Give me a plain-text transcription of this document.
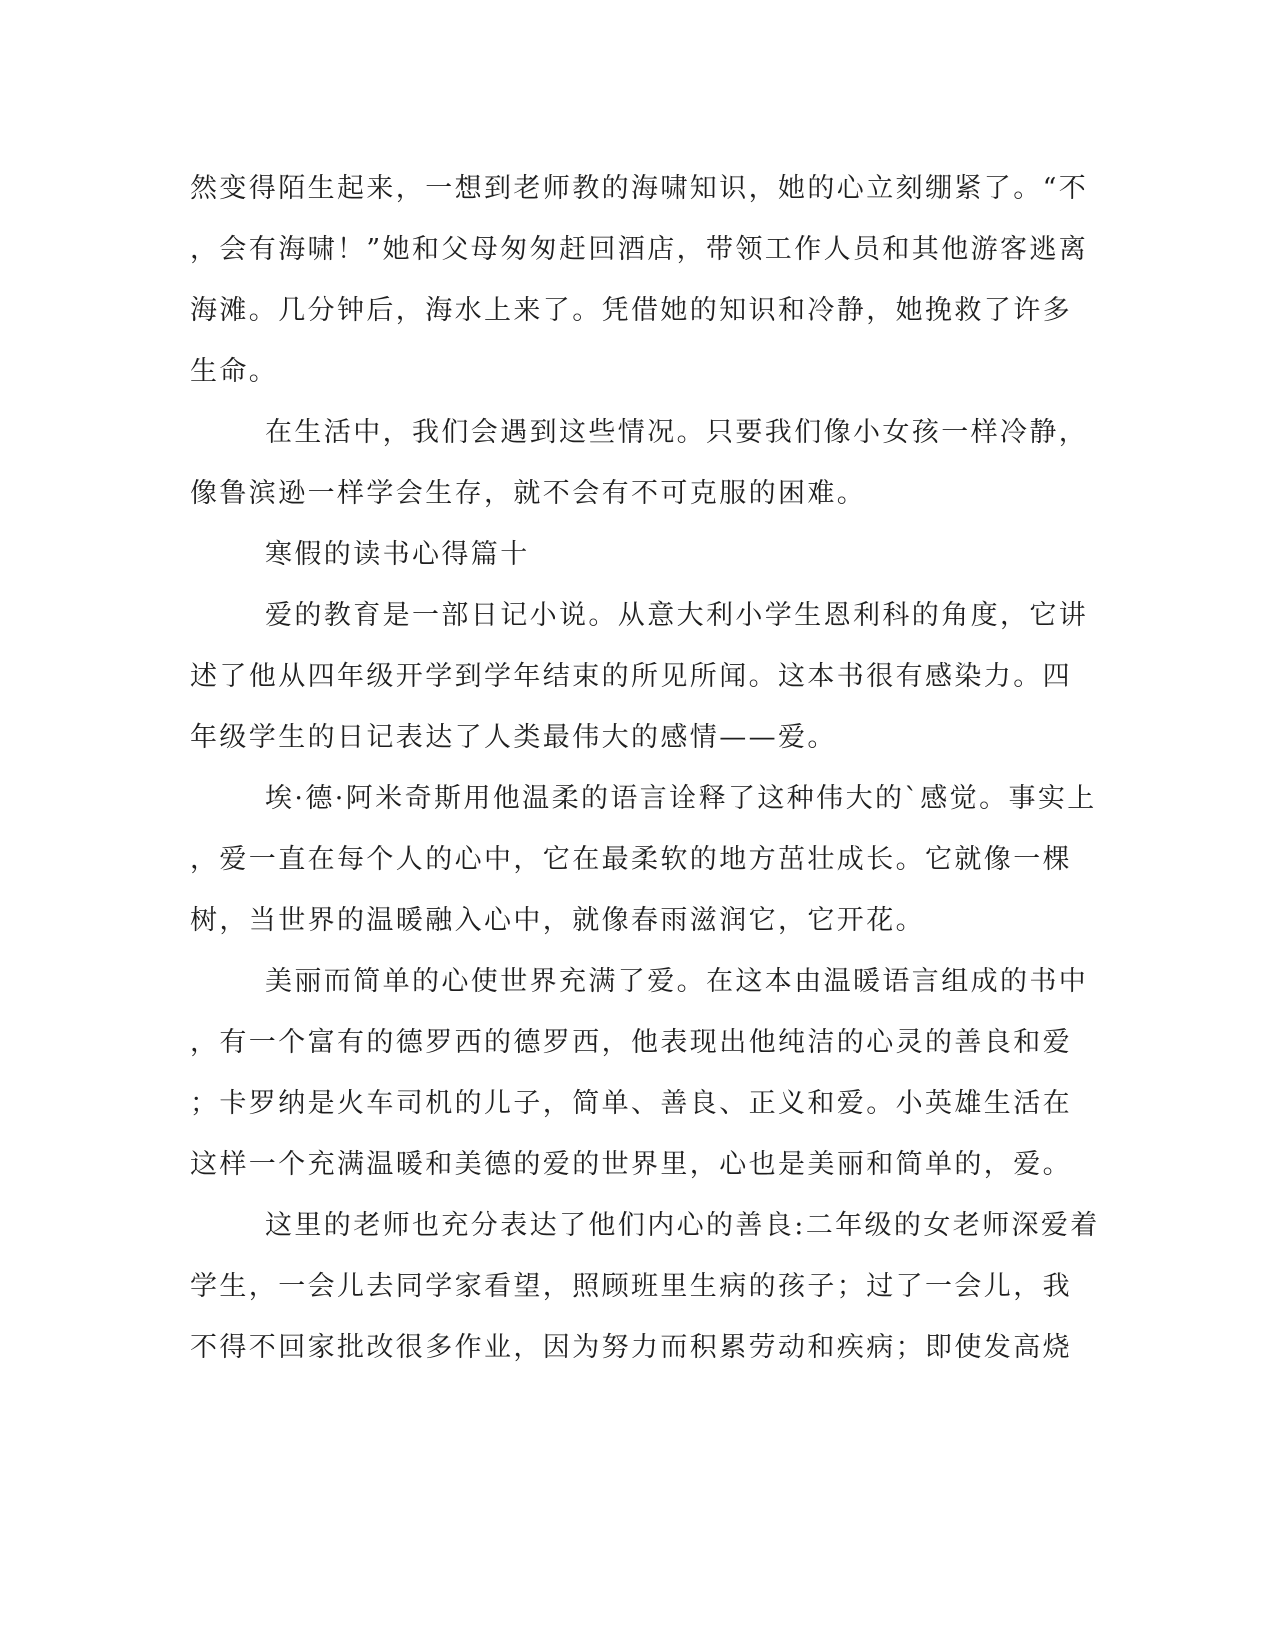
然变得陌生起来，一想到老师教的海啸知识，她的心立刻绷紧了。“不
，会有海啸！”她和父母匆匆赶回酒店，带领工作人员和其他游客逃离
海滩。几分钟后，海水上来了。凭借她的知识和冷静，她挽救了许多
生命。
在生活中，我们会遇到这些情况。只要我们像小女孩一样冷静，
像鲁滨逊一样学会生存，就不会有不可克服的困难。
寒假的读书心得篇十
爱的教育是一部日记小说。从意大利小学生恩利科的角度，它讲
述了他从四年级开学到学年结束的所见所闻。这本书很有感染力。四
年级学生的日记表达了人类最伟大的感情——爱。
埃·德·阿米奇斯用他温柔的语言诠释了这种伟大的`感觉。事实上
，爱一直在每个人的心中，它在最柔软的地方茁壮成长。它就像一棵
树，当世界的温暖融入心中，就像春雨滋润它，它开花。
美丽而简单的心使世界充满了爱。在这本由温暖语言组成的书中
，有一个富有的德罗西的德罗西，他表现出他纯洁的心灵的善良和爱
；卡罗纳是火车司机的儿子，简单、善良、正义和爱。小英雄生活在
这样一个充满温暖和美德的爱的世界里，心也是美丽和简单的，爱。
这里的老师也充分表达了他们内心的善良:二年级的女老师深爱着
学生，一会儿去同学家看望，照顾班里生病的孩子；过了一会儿，我
不得不回家批改很多作业，因为努力而积累劳动和疾病；即使发高烧
